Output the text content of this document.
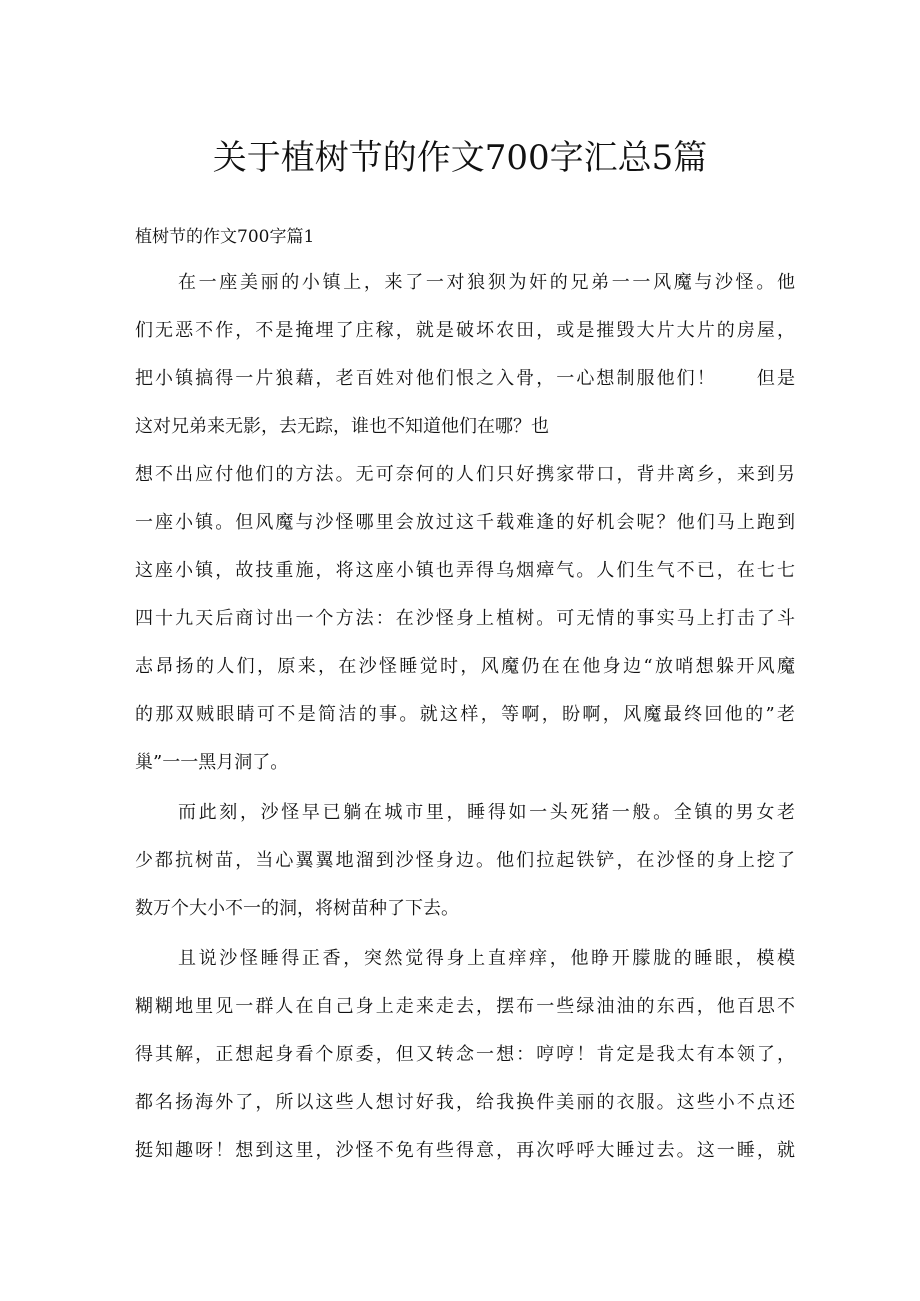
关于植树节的作文700字汇总5篇

植树节的作文700字篇1

在一座美丽的小镇上，来了一对狼狈为奸的兄弟一一风魔与沙怪。他

们无恶不作，不是掩埋了庄稼，就是破坏农田，或是摧毁大片大片的房屋，

把小镇搞得一片狼藉，老百姓对他们恨之入骨，一心想制服他们！　　但是

这对兄弟来无影，去无踪，谁也不知道他们在哪？也

想不出应付他们的方法。无可奈何的人们只好携家带口，背井离乡，来到另

一座小镇。但风魔与沙怪哪里会放过这千载难逢的好机会呢？他们马上跑到

这座小镇，故技重施，将这座小镇也弄得乌烟瘴气。人们生气不已，在七七

四十九天后商讨出一个方法：在沙怪身上植树。可无情的事实马上打击了斗

志昂扬的人们，原来，在沙怪睡觉时，风魔仍在在他身边“放哨想躲开风魔

的那双贼眼睛可不是简洁的事。就这样，等啊，盼啊，风魔最终回他的”老

巢”一一黑月洞了。

而此刻，沙怪早已躺在城市里，睡得如一头死猪一般。全镇的男女老

少都抗树苗，当心翼翼地溜到沙怪身边。他们拉起铁铲，在沙怪的身上挖了

数万个大小不一的洞，将树苗种了下去。

且说沙怪睡得正香，突然觉得身上直痒痒，他睁开朦胧的睡眼，模模

糊糊地里见一群人在自己身上走来走去，摆布一些绿油油的东西，他百思不

得其解，正想起身看个原委，但又转念一想：哼哼！肯定是我太有本领了，

都名扬海外了，所以这些人想讨好我，给我换件美丽的衣服。这些小不点还

挺知趣呀！想到这里，沙怪不免有些得意，再次呼呼大睡过去。这一睡，就
